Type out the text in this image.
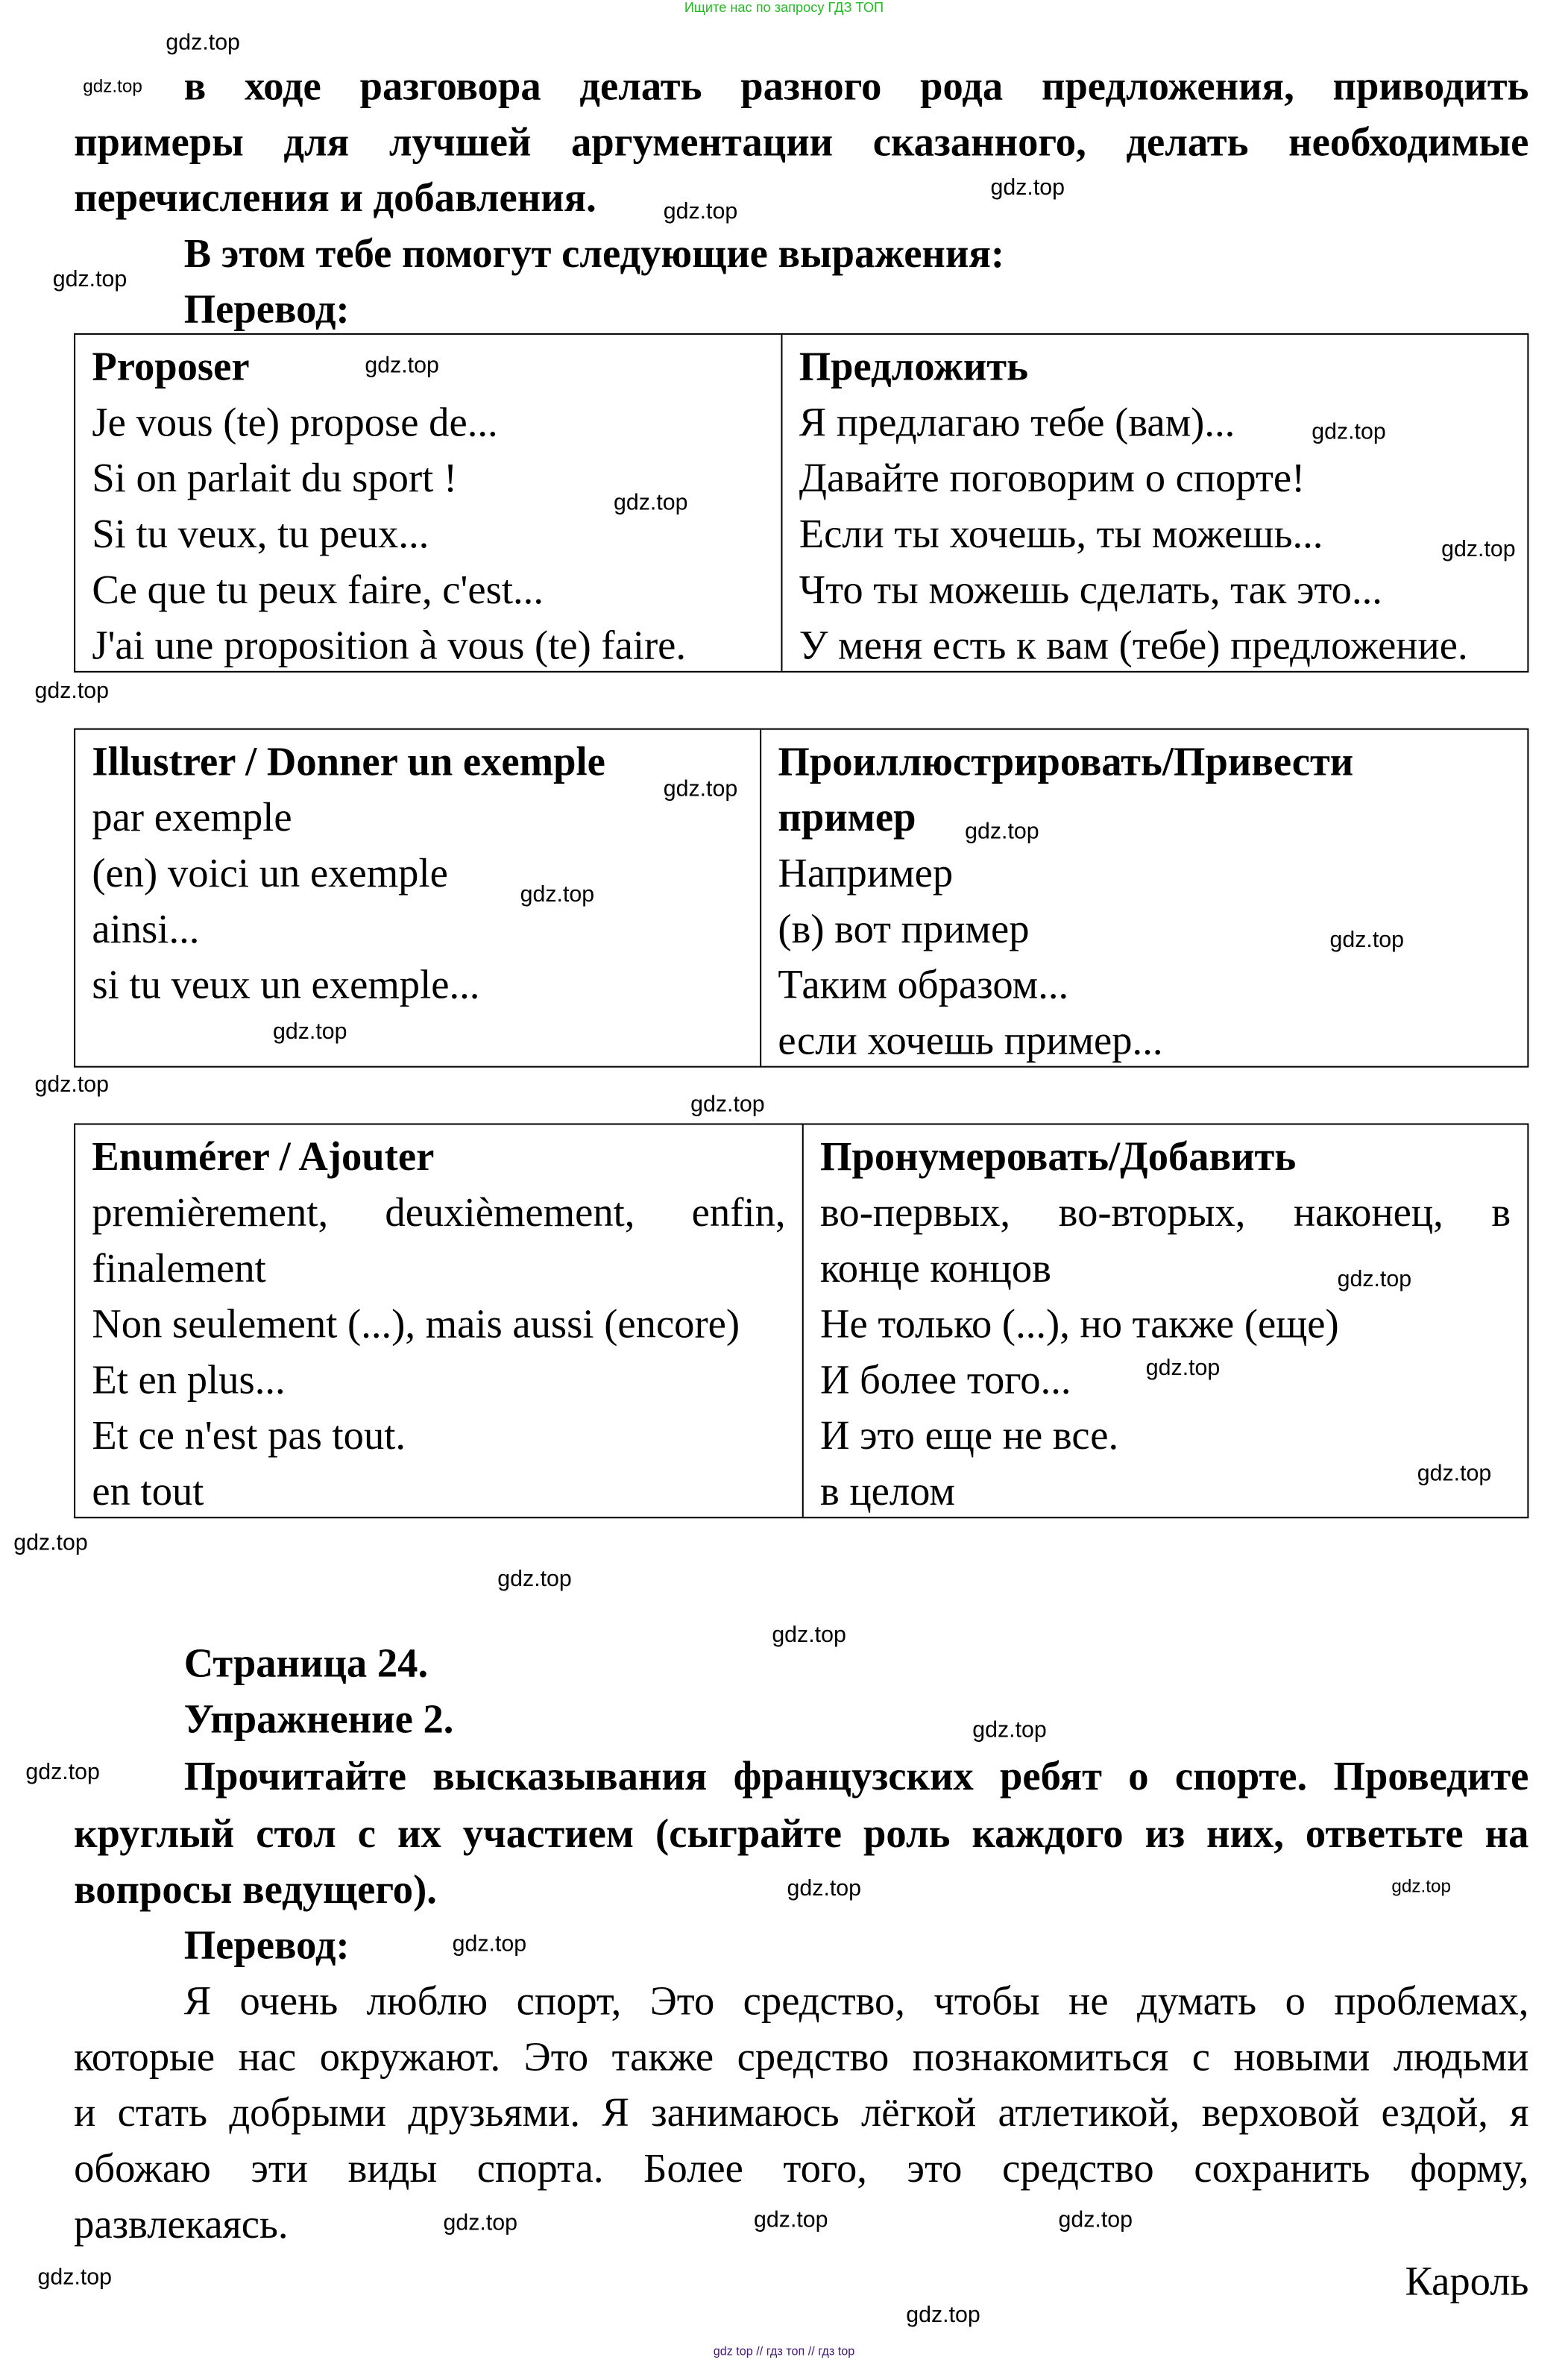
Ищите нас по запросу ГДЗ ТОП
в ходе разговора делать разного рода предложения, приводить
примеры для лучшей аргументации сказанного, делать необходимые
перечисления и добавления.
В этом тебе помогут следующие выражения:
Перевод:
Proposer
Je vous (te) propose de...
Si on parlait du sport !
Si tu veux, tu peux...
Ce que tu peux faire, c'est...
J'ai une proposition à vous (te) faire.
Предложить
Я предлагаю тебе (вам)...
Давайте поговорим о спорте!
Если ты хочешь, ты можешь...
Что ты можешь сделать, так это...
У меня есть к вам (тебе) предложение.
Illustrer / Donner un exemple
par exemple
(en) voici un exemple
ainsi...
si tu veux un exemple...
Проиллюстрировать/Привести
пример
Например
(в) вот пример
Таким образом...
если хочешь пример...
Enumérer / Ajouter
premièrement, deuxièmement, enfin,
finalement
Non seulement (...), mais aussi (encore)
Et en plus...
Et ce n'est pas tout.
en tout
Пронумеровать/Добавить
во-первых, во-вторых, наконец, в
конце концов
Не только (...), но также (еще)
И более того...
И это еще не все.
в целом
Страница 24.
Упражнение 2.
Прочитайте высказывания французских ребят о спорте. Проведите
круглый стол с их участием (сыграйте роль каждого из них, ответьте на
вопросы ведущего).
Перевод:
Я очень люблю спорт, Это средство, чтобы не думать о проблемах,
которые нас окружают. Это также средство познакомиться с новыми людьми
и стать добрыми друзьями. Я занимаюсь лёгкой атлетикой, верховой ездой, я
обожаю эти виды спорта. Более того, это средство сохранить форму,
развлекаясь.
Кароль
gdz.top
gdz.top
gdz.top
gdz.top
gdz.top
gdz.top
gdz.top
gdz.top
gdz.top
gdz.top
gdz.top
gdz.top
gdz.top
gdz.top
gdz.top
gdz.top
gdz.top
gdz.top
gdz.top
gdz.top
gdz.top
gdz.top
gdz.top
gdz.top
gdz.top
gdz.top
gdz.top
gdz.top
gdz.top
gdz.top
gdz.top
gdz.top
gdz.top
gdz top // гдз топ // гдз top
